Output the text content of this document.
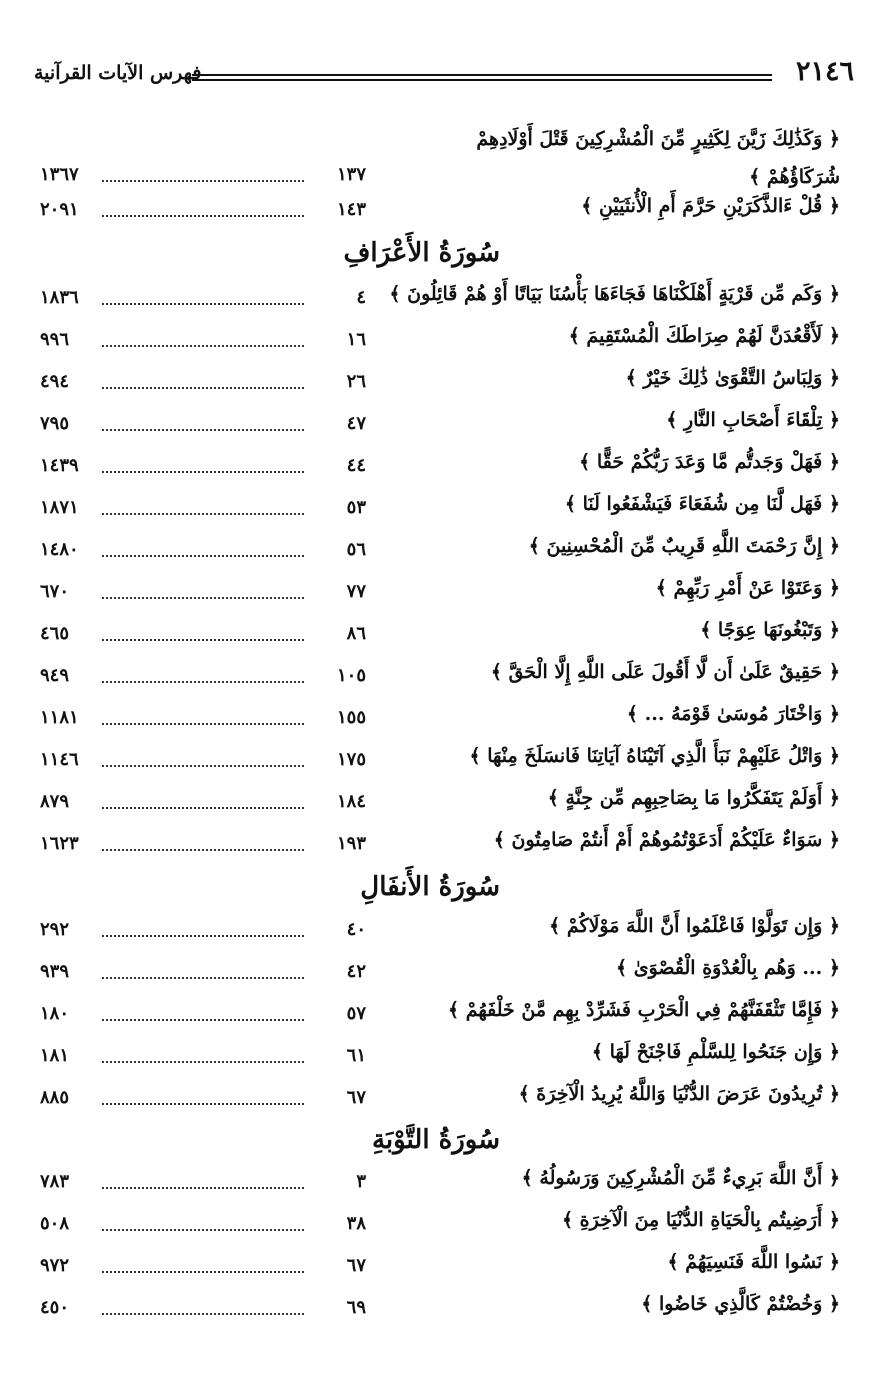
فهرس الآيات القرآنية	٢١٤٦
﴿ وَكَذَٰلِكَ زَيَّنَ لِكَثِيرٍ مِّنَ الْمُشْرِكِينَ قَتْلَ أَوْلَادِهِمْ شُرَكَاؤُهُمْ ﴾
١٣٧
١٣٦٧
﴿ قُلْ ءَالذَّكَرَيْنِ حَرَّمَ أَمِ الْأُنثَيَيْنِ ﴾
١٤٣
٢٠٩١
سُورَةُ الأَعْرَافِ
﴿ وَكَم مِّن قَرْيَةٍ أَهْلَكْنَاهَا فَجَاءَهَا بَأْسُنَا بَيَاتًا أَوْ هُمْ قَائِلُونَ ﴾
٤
١٨٣٦
﴿ لَأَقْعُدَنَّ لَهُمْ صِرَاطَكَ الْمُسْتَقِيمَ ﴾
١٦
٩٩٦
﴿ وَلِبَاسُ التَّقْوَىٰ ذَٰلِكَ خَيْرٌ ﴾
٢٦
٤٩٤
﴿ تِلْقَاءَ أَصْحَابِ النَّارِ ﴾
٤٧
٧٩٥
﴿ فَهَلْ وَجَدتُّم مَّا وَعَدَ رَبُّكُمْ حَقًّا ﴾
٤٤
١٤٣٩
﴿ فَهَل لَّنَا مِن شُفَعَاءَ فَيَشْفَعُوا لَنَا ﴾
٥٣
١٨٧١
﴿ إِنَّ رَحْمَتَ اللَّهِ قَرِيبٌ مِّنَ الْمُحْسِنِينَ ﴾
٥٦
١٤٨٠
﴿ وَعَتَوْا عَنْ أَمْرِ رَبِّهِمْ ﴾
٧٧
٦٧٠
﴿ وَتَبْغُونَهَا عِوَجًا ﴾
٨٦
٤٦٥
﴿ حَقِيقٌ عَلَىٰ أَن لَّا أَقُولَ عَلَى اللَّهِ إِلَّا الْحَقَّ ﴾
١٠٥
٩٤٩
﴿ وَاخْتَارَ مُوسَىٰ قَوْمَهُ ... ﴾
١٥٥
١١٨١
﴿ وَاتْلُ عَلَيْهِمْ نَبَأَ الَّذِي آتَيْنَاهُ آيَاتِنَا فَانسَلَخَ مِنْهَا ﴾
١٧٥
١١٤٦
﴿ أَوَلَمْ يَتَفَكَّرُوا مَا بِصَاحِبِهِم مِّن جِنَّةٍ ﴾
١٨٤
٨٧٩
﴿ سَوَاءٌ عَلَيْكُمْ أَدَعَوْتُمُوهُمْ أَمْ أَنتُمْ صَامِتُونَ ﴾
١٩٣
١٦٢٣
سُورَةُ الأَنفَالِ
﴿ وَإِن تَوَلَّوْا فَاعْلَمُوا أَنَّ اللَّهَ مَوْلَاكُمْ ﴾
٤٠
٢٩٢
﴿ ... وَهُم بِالْعُدْوَةِ الْقُصْوَىٰ ﴾
٤٢
٩٣٩
﴿ فَإِمَّا تَثْقَفَنَّهُمْ فِي الْحَرْبِ فَشَرِّدْ بِهِم مَّنْ خَلْفَهُمْ ﴾
٥٧
١٨٠
﴿ وَإِن جَنَحُوا لِلسَّلْمِ فَاجْنَحْ لَهَا ﴾
٦١
١٨١
﴿ تُرِيدُونَ عَرَضَ الدُّنْيَا وَاللَّهُ يُرِيدُ الْآخِرَةَ ﴾
٦٧
٨٨٥
سُورَةُ التَّوْبَةِ
﴿ أَنَّ اللَّهَ بَرِيءٌ مِّنَ الْمُشْرِكِينَ وَرَسُولُهُ ﴾
٣
٧٨٣
﴿ أَرَضِيتُم بِالْحَيَاةِ الدُّنْيَا مِنَ الْآخِرَةِ ﴾
٣٨
٥٠٨
﴿ نَسُوا اللَّهَ فَنَسِيَهُمْ ﴾
٦٧
٩٧٢
﴿ وَخُضْتُمْ كَالَّذِي خَاضُوا ﴾
٦٩
٤٥٠
